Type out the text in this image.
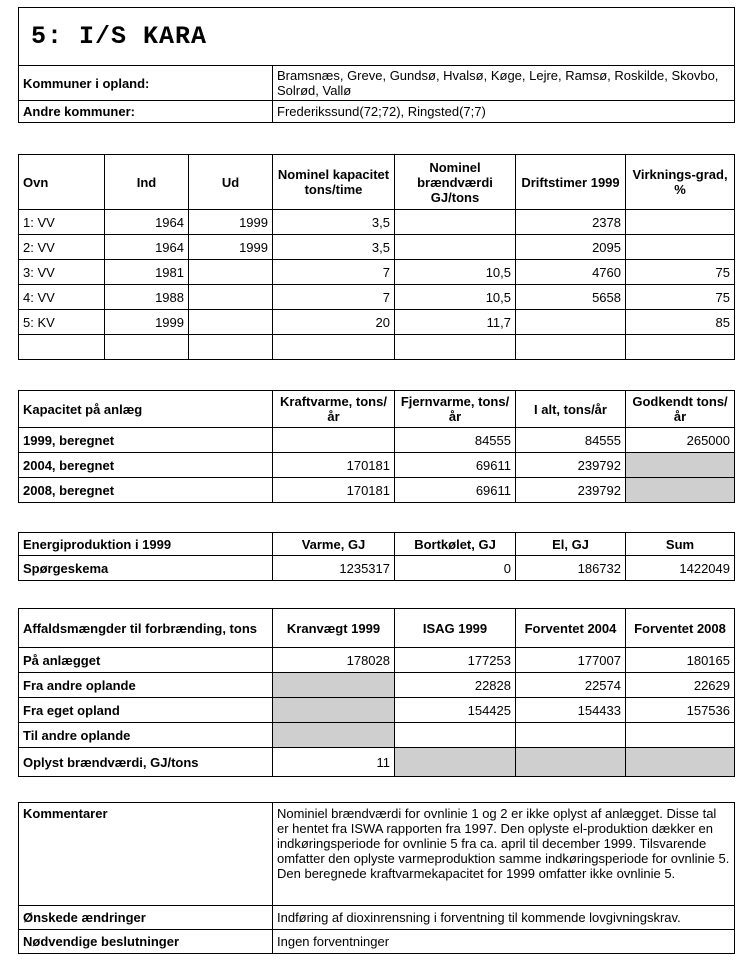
5: I/S KARA	
Kommuner i opland:	Bramsnæs, Greve, Gundsø, Hvalsø, Køge, Lejre, Ramsø, Roskilde, Skovbo, Solrød, Vallø
Andre kommuner:	Frederikssund(72;72), Ringsted(7;7)
Ovn	Ind	Ud	Nominel kapacitet tons/time	Nominel brændværdi GJ/tons	Driftstimer 1999	Virknings-grad, %
1: VV	1964	1999	3,5		2378	
2: VV	1964	1999	3,5		2095	
3: VV	1981		7	10,5	4760	75
4: VV	1988		7	10,5	5658	75
5: KV	1999		20	11,7		85

Kapacitet på anlæg	Kraftvarme, tons/år	Fjernvarme, tons/år	I alt, tons/år	Godkendt tons/år
1999, beregnet		84555	84555	265000
2004, beregnet	170181	69611	239792	
2008, beregnet	170181	69611	239792	
Energiproduktion i 1999	Varme, GJ	Bortkølet, GJ	El, GJ	Sum
Spørgeskema	1235317	0	186732	1422049
Affaldsmængder til forbrænding, tons	Kranvægt 1999	ISAG 1999	Forventet 2004	Forventet 2008
På anlægget	178028	177253	177007	180165
Fra andre oplande		22828	22574	22629
Fra eget opland		154425	154433	157536
Til andre oplande				
Oplyst brændværdi, GJ/tons	11			
Kommentarer	Nominiel brændværdi for ovnlinie 1 og 2 er ikke oplyst af anlægget. Disse tal er hentet fra ISWA rapporten fra 1997. Den oplyste el-produktion dækker en indkøringsperiode for ovnlinie 5 fra ca. april til december 1999. Tilsvarende omfatter den oplyste varmeproduktion samme indkøringsperiode for ovnlinie 5. Den beregnede kraftvarmekapacitet for 1999 omfatter ikke ovnlinie 5.
Ønskede ændringer	Indføring af dioxinrensning i forventning til kommende lovgivningskrav.
Nødvendige beslutninger	Ingen forventninger
